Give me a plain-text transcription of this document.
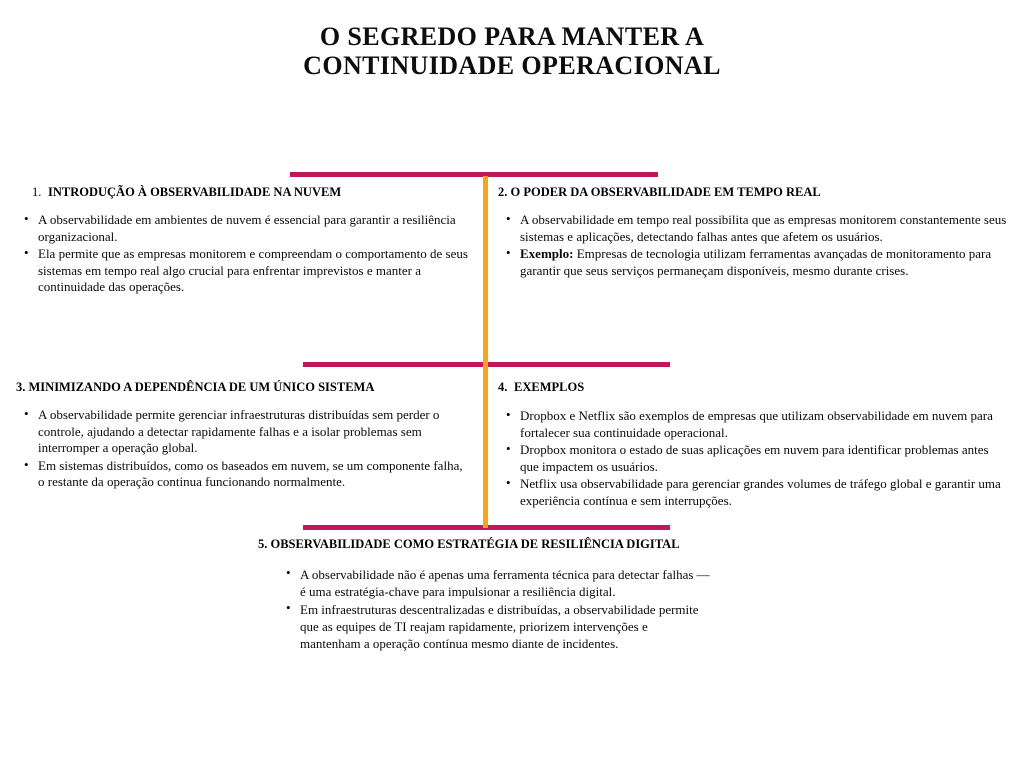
O SEGREDO PARA MANTER A
CONTINUIDADE OPERACIONAL
1. INTRODUÇÃO À OBSERVABILIDADE NA NUVEM
• A observabilidade em ambientes de nuvem é essencial para garantir a resiliência organizacional.
• Ela permite que as empresas monitorem e compreendam o comportamento de seus sistemas em tempo real algo crucial para enfrentar imprevistos e manter a continuidade das operações.
2. O PODER DA OBSERVABILIDADE EM TEMPO REAL
• A observabilidade em tempo real possibilita que as empresas monitorem constantemente seus sistemas e aplicações, detectando falhas antes que afetem os usuários.
• Exemplo: Empresas de tecnologia utilizam ferramentas avançadas de monitoramento para garantir que seus serviços permaneçam disponíveis, mesmo durante crises.
3. MINIMIZANDO A DEPENDÊNCIA DE UM ÚNICO SISTEMA
• A observabilidade permite gerenciar infraestruturas distribuídas sem perder o controle, ajudando a detectar rapidamente falhas e a isolar problemas sem interromper a operação global.
• Em sistemas distribuídos, como os baseados em nuvem, se um componente falha, o restante da operação continua funcionando normalmente.
4. EXEMPLOS
• Dropbox e Netflix são exemplos de empresas que utilizam observabilidade em nuvem para fortalecer sua continuidade operacional.
• Dropbox monitora o estado de suas aplicações em nuvem para identificar problemas antes que impactem os usuários.
• Netflix usa observabilidade para gerenciar grandes volumes de tráfego global e garantir uma experiência contínua e sem interrupções.
5. OBSERVABILIDADE COMO ESTRATÉGIA DE RESILIÊNCIA DIGITAL
• A observabilidade não é apenas uma ferramenta técnica para detectar falhas — é uma estratégia-chave para impulsionar a resiliência digital.
• Em infraestruturas descentralizadas e distribuídas, a observabilidade permite que as equipes de TI reajam rapidamente, priorizem intervenções e mantenham a operação contínua mesmo diante de incidentes.
